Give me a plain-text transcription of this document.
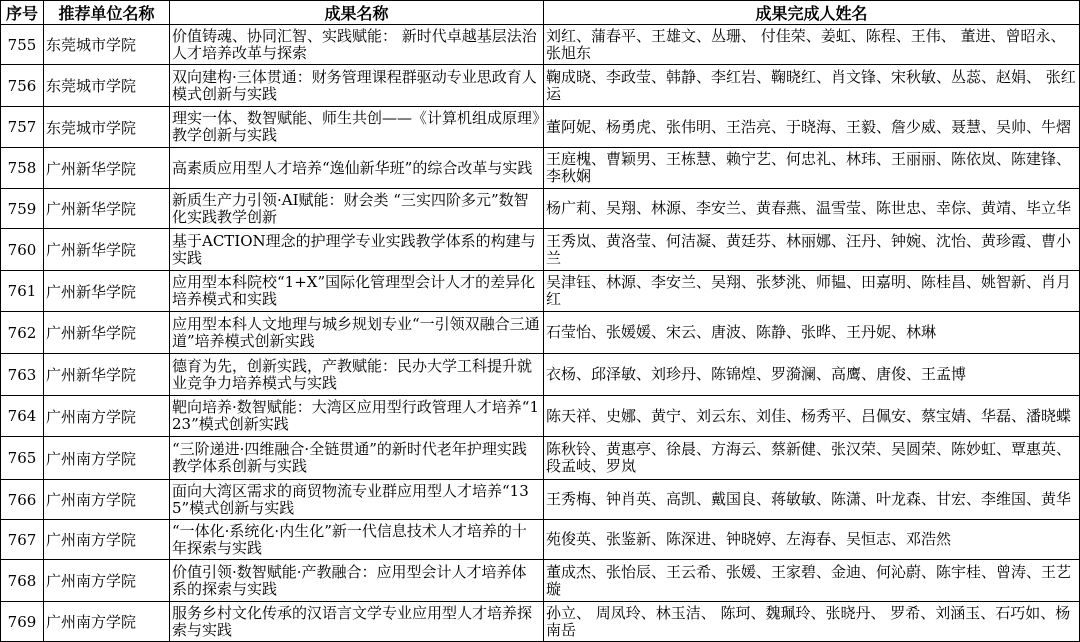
序号	推荐单位名称	成果名称	成果完成人姓名
755	东莞城市学院	价值铸魂、协同汇智、实践赋能： 新时代卓越基层法治人才培养改革与探索	刘红、蒲春平、王雄文、丛珊、 付佳荣、姜虹、陈程、王伟、 董进、曾昭永、张旭东
756	东莞城市学院	双向建构·三体贯通：财务管理课程群驱动专业思政育人模式创新与实践	鞠成晓、李政莹、韩静、李红岩、鞠晓红、肖文锋、宋秋敏、丛蕊、赵娟、 张红运
757	东莞城市学院	理实一体、数智赋能、师生共创——《计算机组成原理》教学创新与实践	董阿妮、杨勇虎、张伟明、王浩亮、于晓海、王毅、詹少威、聂慧、吴帅、牛熠
758	广州新华学院	高素质应用型人才培养“逸仙新华班”的综合改革与实践	王庭槐、曹颖男、王栋慧、赖宁艺、何忠礼、林玮、王丽丽、陈依岚、陈建锋、李秋娴
759	广州新华学院	新质生产力引领·AI赋能：财会类 “三实四阶多元”数智化实践教学创新	杨广莉、吴翔、林源、李安兰、黄春燕、温雪莹、陈世忠、幸倧、黄靖、毕立华
760	广州新华学院	基于ACTION理念的护理学专业实践教学体系的构建与实践	王秀岚、黄洛莹、何洁凝、黄廷芬、林丽娜、汪丹、钟婉、沈怡、黄珍霞、曹小兰
761	广州新华学院	应用型本科院校“1+X”国际化管理型会计人才的差异化培养模式和实践	吴津钰、林源、李安兰、吴翔、张梦洮、师韫、田嘉明、陈桂昌、姚智新、肖月红
762	广州新华学院	应用型本科人文地理与城乡规划专业“一引领双融合三通道”培养模式创新实践	石莹怡、张媛媛、宋云、唐波、陈静、张晔、王丹妮、林琳
763	广州新华学院	德育为先，创新实践，产教赋能：民办大学工科提升就业竞争力培养模式与实践	衣杨、邱泽敏、刘珍丹、陈锦煌、罗漪澜、高鹰、唐俊、王孟博
764	广州南方学院	靶向培养·数智赋能：大湾区应用型行政管理人才培养“123”模式创新实践	陈天祥、史娜、黄宁、刘云东、刘佳、杨秀平、吕佩安、蔡宝婧、华磊、潘晓蝶
765	广州南方学院	“三阶递进·四维融合·全链贯通”的新时代老年护理实践教学体系创新与实践	陈秋铃、黄惠亭、徐晨、方海云、蔡新健、张汉荣、吴圆荣、陈妙虹、覃惠英、段孟岐、罗岚
766	广州南方学院	面向大湾区需求的商贸物流专业群应用型人才培养“135”模式创新与实践	王秀梅、钟肖英、高凯、戴国良、蒋敏敏、陈潇、叶龙森、甘宏、李维国、黄华
767	广州南方学院	“一体化·系统化·内生化”新一代信息技术人才培养的十年探索与实践	苑俊英、张鉴新、陈深进、钟晓婷、左海春、吴恒志、邓浩然
768	广州南方学院	价值引领·数智赋能·产教融合：应用型会计人才培养体系的探索与实践	董成杰、张怡辰、王云希、张媛、王家碧、金迪、何沁蔚、陈宇桂、曾涛、王艺璇
769	广州南方学院	服务乡村文化传承的汉语言文学专业应用型人才培养探索与实践	孙立、 周凤玲、林玉洁、 陈珂、魏珮玲、张晓丹、 罗希、刘涵玉、石巧如、杨南岳
